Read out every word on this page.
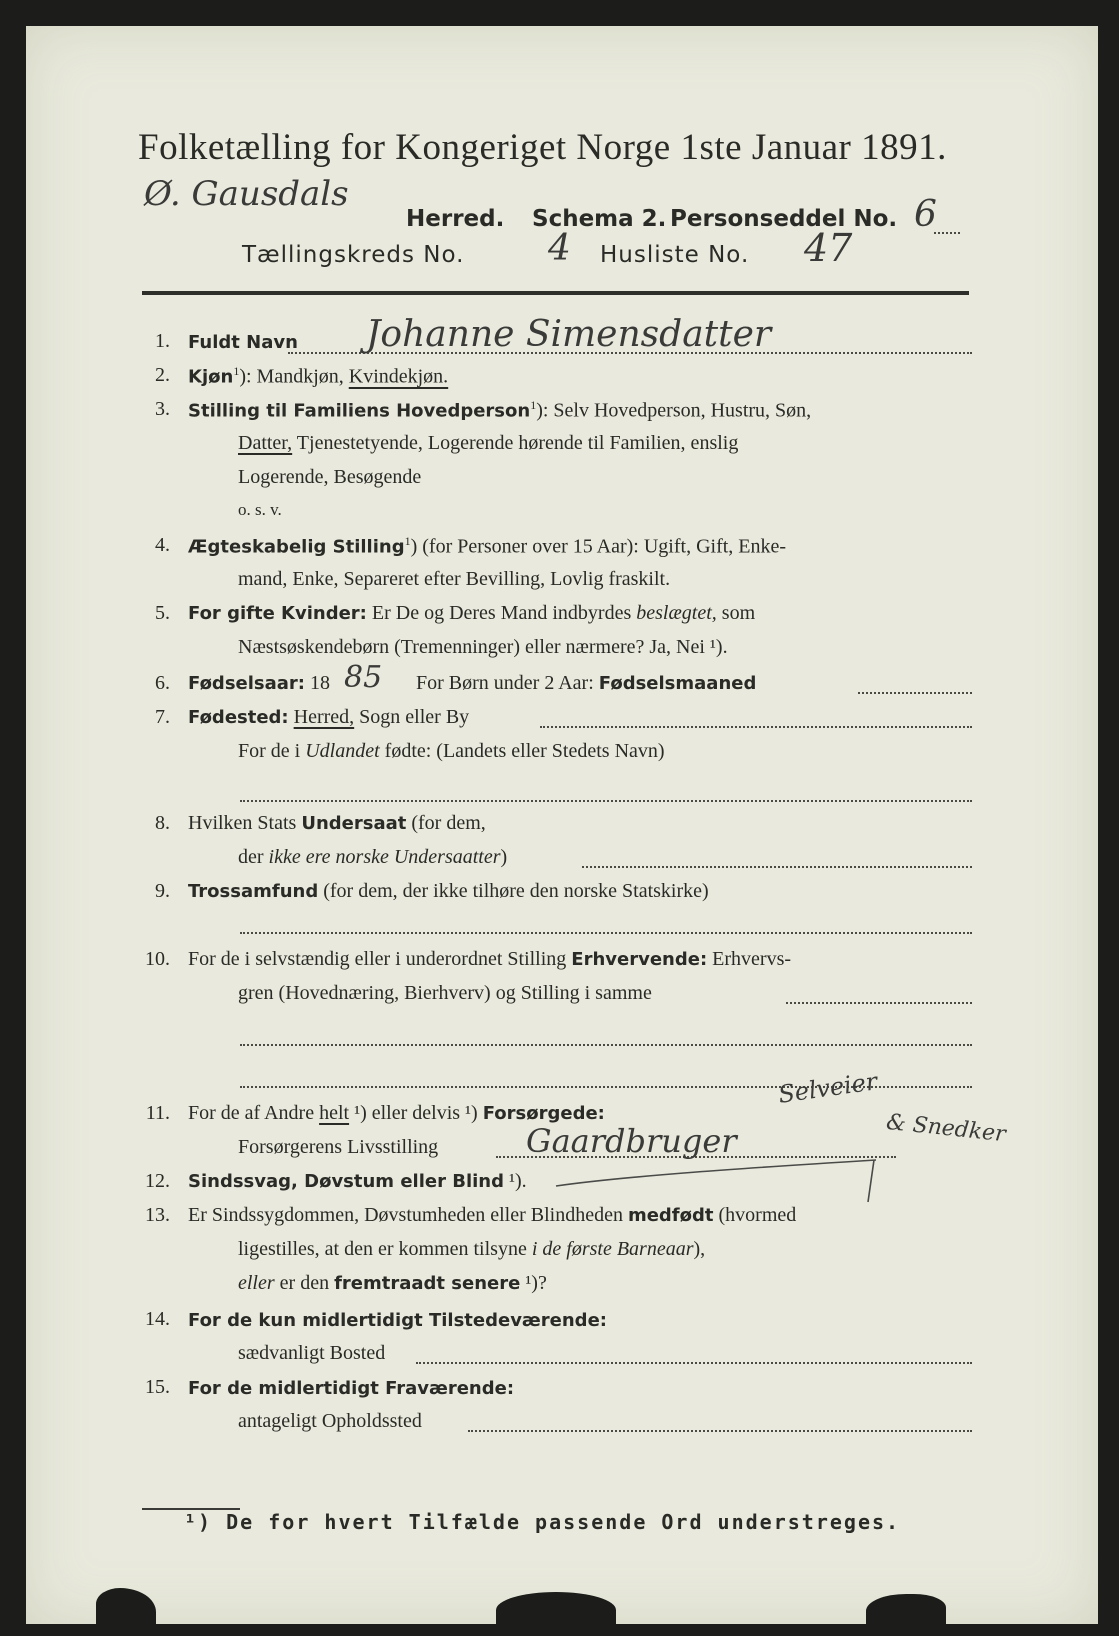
Folketælling for Kongeriget Norge 1ste Januar 1891.
Ø. Gausdals
Herred. Schema 2. Personseddel No. 6
Tællingskreds No. 4 Husliste No. 47
1. Fuldt Navn Johanne Simensdatter
2. Kjøn$^1$): Mandkjøn, Kvindekjøn.
3. Stilling til Familiens Hovedperson$^1$): Selv Hovedperson, Hustru, Søn,
Datter, Tjenestetyende, Logerende hørende til Familien, enslig
Logerende, Besøgende
o. s. v.
4. Ægteskabelig Stilling$^1$) (for Personer over 15 Aar): Ugift, Gift, Enke-
mand, Enke, Separeret efter Bevilling, Lovlig fraskilt.
5. For gifte Kvinder: Er De og Deres Mand indbyrdes beslægtet, som
Næstsøskendebørn (Tremenninger) eller nærmere? Ja, Nei ¹).
6. Fødselsaar: 18 85 For Børn under 2 Aar: Fødselsmaaned
7. Fødested: Herred, Sogn eller By
For de i Udlandet fødte: (Landets eller Stedets Navn)
8. Hvilken Stats Undersaat (for dem,
der ikke ere norske Undersaatter)
9. Trossamfund (for dem, der ikke tilhøre den norske Statskirke)
10. For de i selvstændig eller i underordnet Stilling Erhvervende: Erhvervs-
gren (Hovednæring, Bierhverv) og Stilling i samme
11. For de af Andre helt ¹) eller delvis ¹) Forsørgede:
Selveier
Forsørgerens Livsstilling	Gaardbruger	& Snedker
12. Sindssvag, Døvstum eller Blind ¹).
13. Er Sindssygdommen, Døvstumheden eller Blindheden medfødt (hvormed
ligestilles, at den er kommen tilsyne i de første Barneaar),
eller er den fremtraadt senere ¹)?
14. For de kun midlertidigt Tilstedeværende:
sædvanligt Bosted
15. For de midlertidigt Fraværende:
antageligt Opholdssted
¹) De for hvert Tilfælde passende Ord understreges.
